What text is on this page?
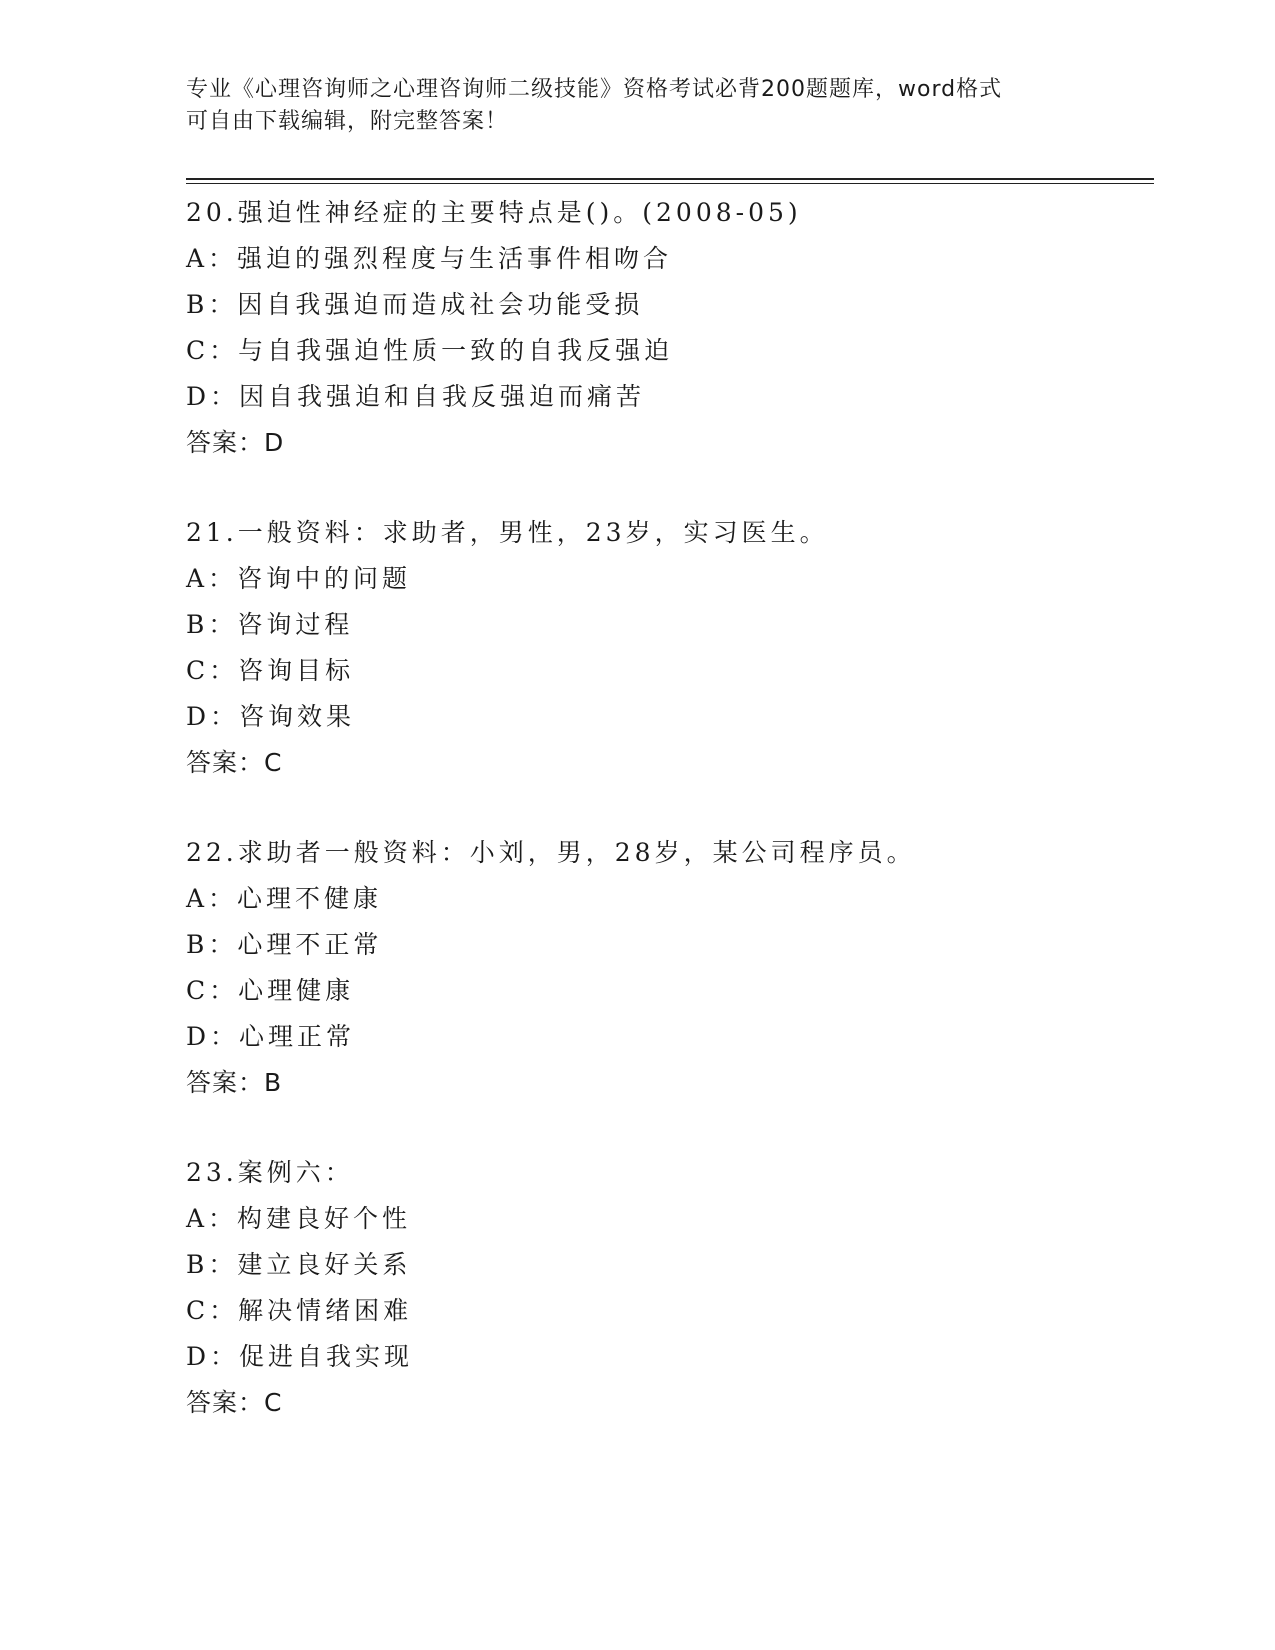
专业《心理咨询师之心理咨询师二级技能》资格考试必背200题题库，word格式
可自由下载编辑，附完整答案！
20.强迫性神经症的主要特点是()。(2008-05)
A：强迫的强烈程度与生活事件相吻合
B：因自我强迫而造成社会功能受损
C：与自我强迫性质一致的自我反强迫
D：因自我强迫和自我反强迫而痛苦
答案：D
21.一般资料：求助者，男性，23岁，实习医生。
A：咨询中的问题
B：咨询过程
C：咨询目标
D：咨询效果
答案：C
22.求助者一般资料：小刘，男，28岁，某公司程序员。
A：心理不健康
B：心理不正常
C：心理健康
D：心理正常
答案：B
23.案例六：
A：构建良好个性
B：建立良好关系
C：解决情绪困难
D：促进自我实现
答案：C
